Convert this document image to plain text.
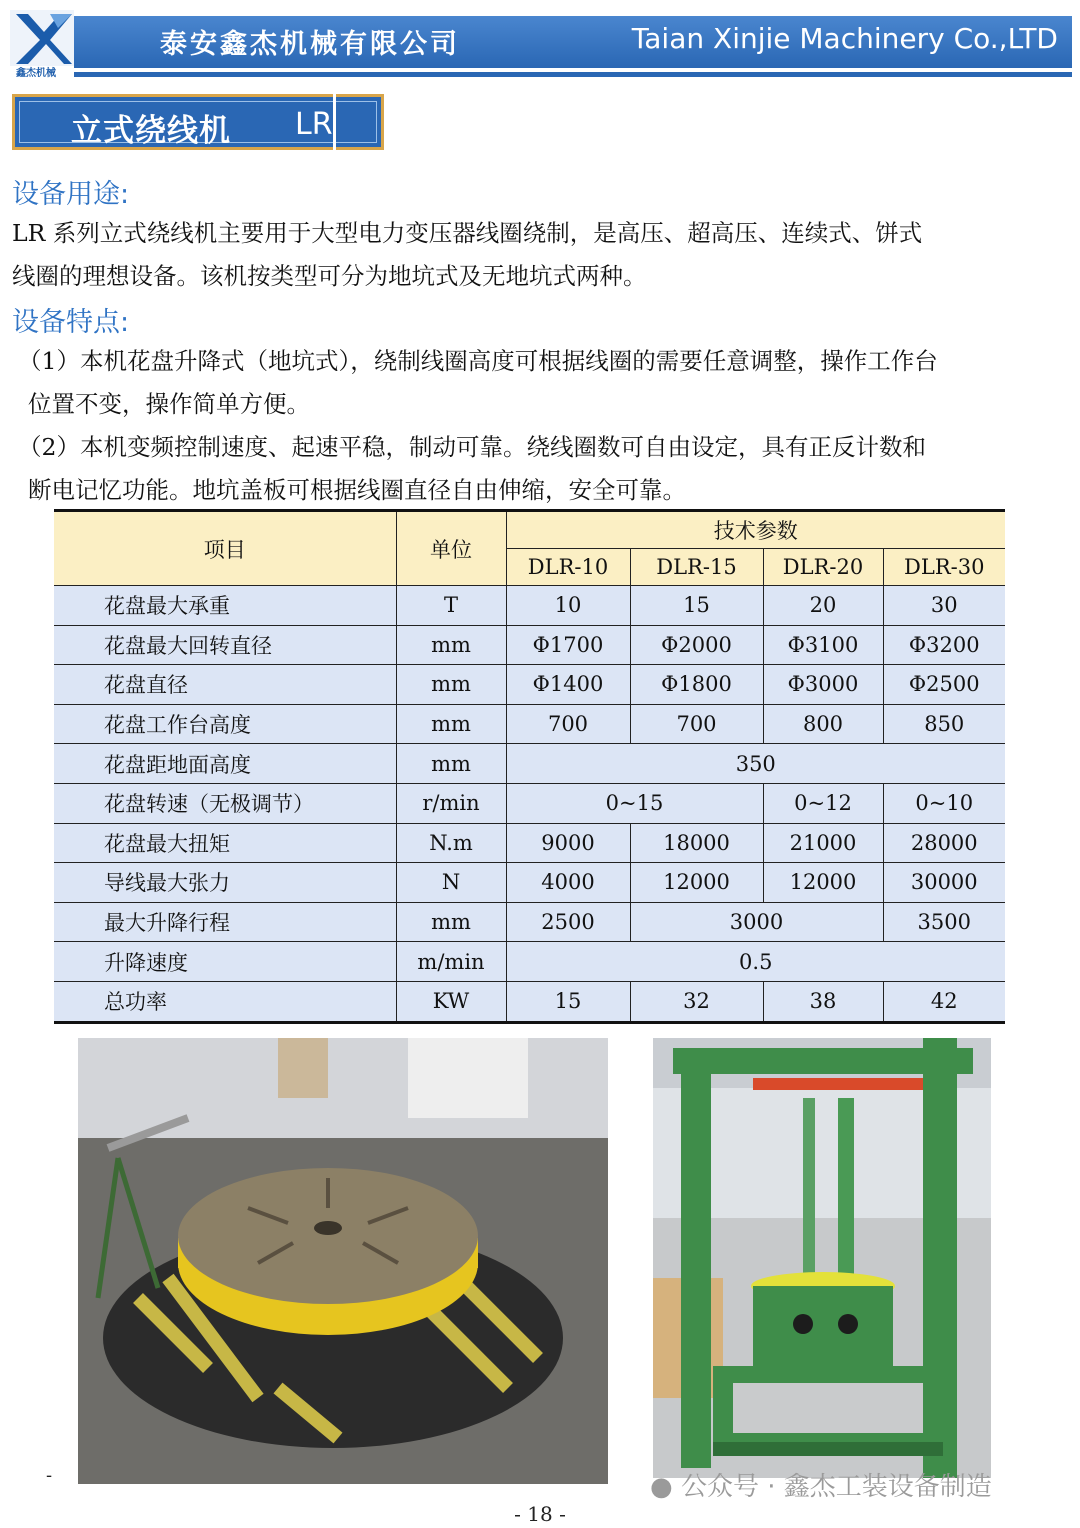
鑫杰机械
泰安鑫杰机械有限公司	Taian Xinjie Machinery Co.,LTD
立式绕线机 LR
设备用途:
LR 系列立式绕线机主要用于大型电力变压器线圈绕制，是高压、超高压、连续式、饼式
线圈的理想设备。该机按类型可分为地坑式及无地坑式两种。
设备特点:
（1）本机花盘升降式（地坑式），绕制线圈高度可根据线圈的需要任意调整，操作工作台
位置不变，操作简单方便。
（2）本机变频控制速度、起速平稳，制动可靠。绕线圈数可自由设定，具有正反计数和
断电记忆功能。地坑盖板可根据线圈直径自由伸缩，安全可靠。
项目	单位	技术参数			
		DLR-10	DLR-15	DLR-20	DLR-30
花盘最大承重	T	10	15	20	30
花盘最大回转直径	mm	Φ1700	Φ2000	Φ3100	Φ3200
花盘直径	mm	Φ1400	Φ1800	Φ3000	Φ2500
花盘工作台高度	mm	700	700	800	850
花盘距地面高度	mm	350			
花盘转速（无极调节）	r/min	0~15		0~12	0~10
花盘最大扭矩	N.m	9000	18000	21000	28000
导线最大张力	N	4000	12000	12000	30000
最大升降行程	mm	2500	3000		3500
升降速度	m/min	0.5			
总功率	KW	15	32	38	42
-	● 公众号 · 鑫杰工装设备制造
- 18 -
